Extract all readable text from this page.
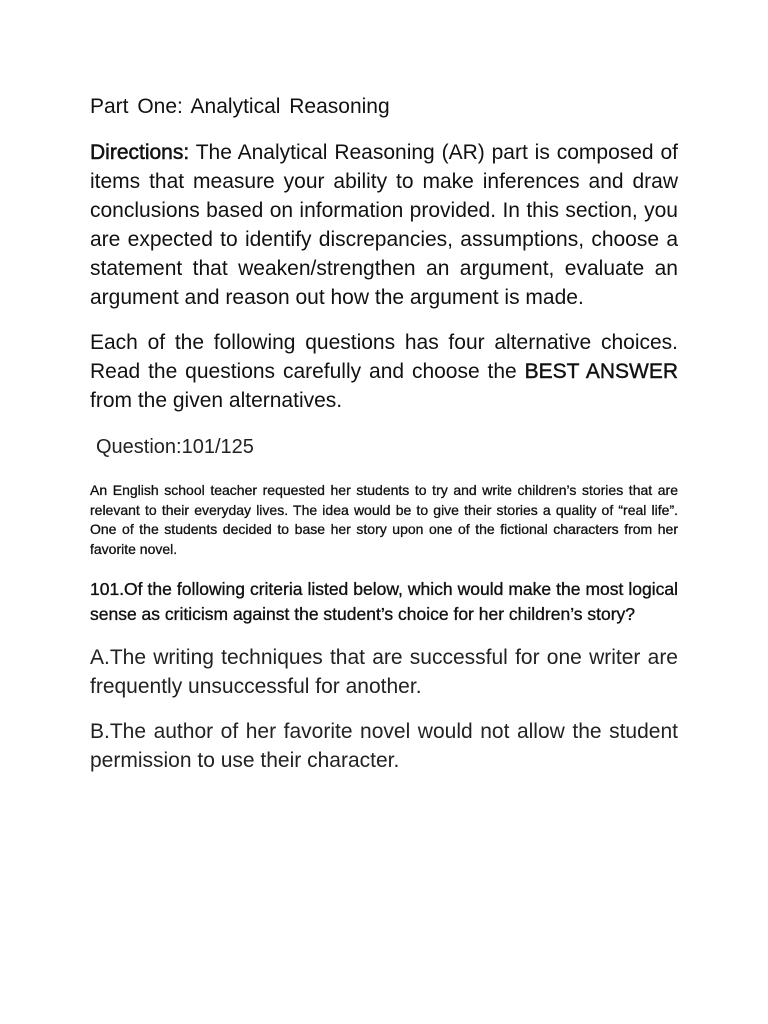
Part One: Analytical Reasoning

Directions: The Analytical Reasoning (AR) part is composed of items that measure your ability to make inferences and draw conclusions based on information provided. In this section, you are expected to identify discrepancies, assumptions, choose a statement that weaken/strengthen an argument, evaluate an argument and reason out how the argument is made.

Each of the following questions has four alternative choices. Read the questions carefully and choose the BEST ANSWER from the given alternatives.

Question:101/125

An English school teacher requested her students to try and write children’s stories that are relevant to their everyday lives. The idea would be to give their stories a quality of “real life”. One of the students decided to base her story upon one of the fictional characters from her favorite novel.

101.Of the following criteria listed below, which would make the most logical sense as criticism against the student’s choice for her children’s story?

A.The writing techniques that are successful for one writer are frequently unsuccessful for another.

B.The author of her favorite novel would not allow the student permission to use their character.
